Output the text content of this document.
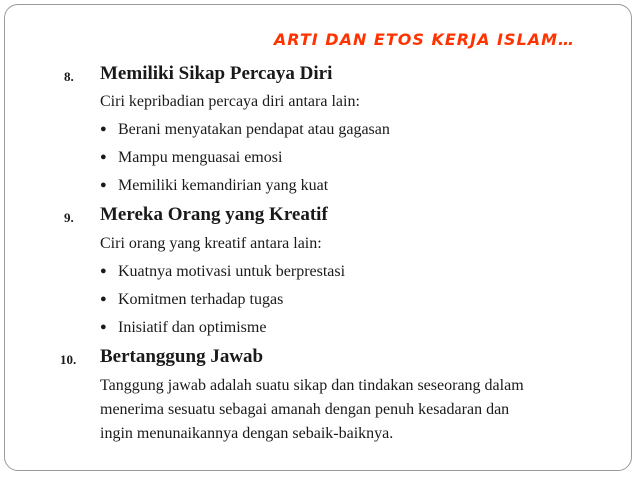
ARTI DAN ETOS KERJA ISLAM…
8. Memiliki Sikap Percaya Diri
Ciri kepribadian percaya diri antara lain:
● Berani menyatakan pendapat atau gagasan
● Mampu menguasai emosi
● Memiliki kemandirian yang kuat
9. Mereka Orang yang Kreatif
Ciri orang yang kreatif antara lain:
● Kuatnya motivasi untuk berprestasi
● Komitmen terhadap tugas
● Inisiatif dan optimisme
10. Bertanggung Jawab
Tanggung jawab adalah suatu sikap dan tindakan seseorang dalam
menerima sesuatu sebagai amanah dengan penuh kesadaran dan
ingin menunaikannya dengan sebaik-baiknya.
